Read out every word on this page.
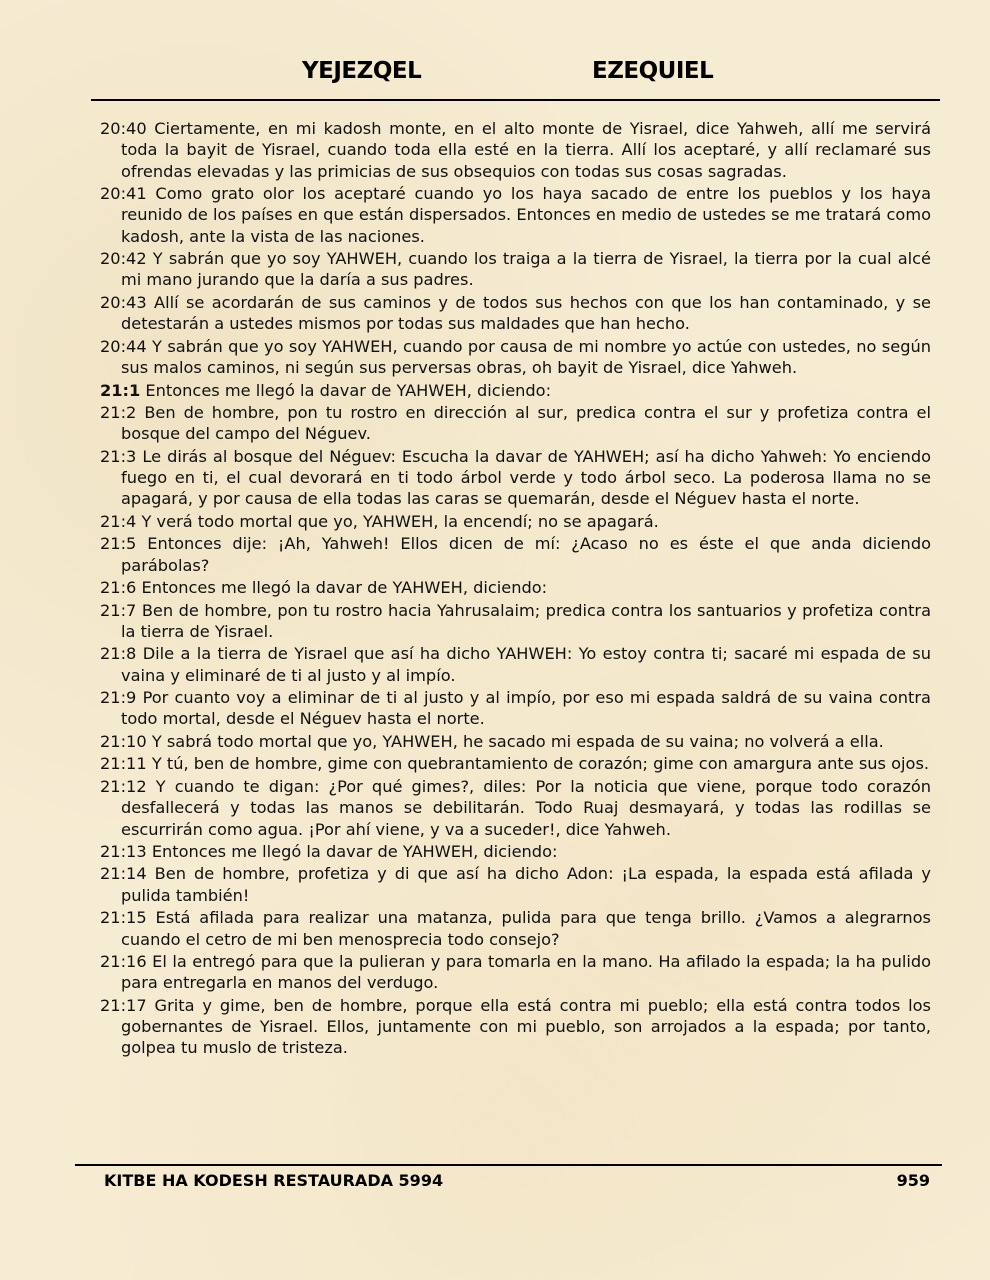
YEJEZQEL	EZEQUIEL

20:40 Ciertamente, en mi kadosh monte, en el alto monte de Yisrael, dice Yahweh, allí me servirá toda la bayit de Yisrael, cuando toda ella esté en la tierra. Allí los aceptaré, y allí reclamaré sus ofrendas elevadas y las primicias de sus obsequios con todas sus cosas sagradas.

20:41 Como grato olor los aceptaré cuando yo los haya sacado de entre los pueblos y los haya reunido de los países en que están dispersados. Entonces en medio de ustedes se me tratará como kadosh, ante la vista de las naciones.

20:42 Y sabrán que yo soy YAHWEH, cuando los traiga a la tierra de Yisrael, la tierra por la cual alcé mi mano jurando que la daría a sus padres.

20:43 Allí se acordarán de sus caminos y de todos sus hechos con que los han contaminado, y se detestarán a ustedes mismos por todas sus maldades que han hecho.

20:44 Y sabrán que yo soy YAHWEH, cuando por causa de mi nombre yo actúe con ustedes, no según sus malos caminos, ni según sus perversas obras, oh bayit de Yisrael, dice Yahweh.

21:1 Entonces me llegó la davar de YAHWEH, diciendo:

21:2 Ben de hombre, pon tu rostro en dirección al sur, predica contra el sur y profetiza contra el bosque del campo del Néguev.

21:3 Le dirás al bosque del Néguev: Escucha la davar de YAHWEH; así ha dicho Yahweh: Yo enciendo fuego en ti, el cual devorará en ti todo árbol verde y todo árbol seco. La poderosa llama no se apagará, y por causa de ella todas las caras se quemarán, desde el Néguev hasta el norte.

21:4 Y verá todo mortal que yo, YAHWEH, la encendí; no se apagará.

21:5 Entonces dije: ¡Ah, Yahweh! Ellos dicen de mí: ¿Acaso no es éste el que anda diciendo parábolas?

21:6 Entonces me llegó la davar de YAHWEH, diciendo:

21:7 Ben de hombre, pon tu rostro hacia Yahrusalaim; predica contra los santuarios y profetiza contra la tierra de Yisrael.

21:8 Dile a la tierra de Yisrael que así ha dicho YAHWEH: Yo estoy contra ti; sacaré mi espada de su vaina y eliminaré de ti al justo y al impío.

21:9 Por cuanto voy a eliminar de ti al justo y al impío, por eso mi espada saldrá de su vaina contra todo mortal, desde el Néguev hasta el norte.

21:10 Y sabrá todo mortal que yo, YAHWEH, he sacado mi espada de su vaina; no volverá a ella.

21:11 Y tú, ben de hombre, gime con quebrantamiento de corazón; gime con amargura ante sus ojos.

21:12 Y cuando te digan: ¿Por qué gimes?, diles: Por la noticia que viene, porque todo corazón desfallecerá y todas las manos se debilitarán. Todo Ruaj desmayará, y todas las rodillas se escurrirán como agua. ¡Por ahí viene, y va a suceder!, dice Yahweh.

21:13 Entonces me llegó la davar de YAHWEH, diciendo:

21:14 Ben de hombre, profetiza y di que así ha dicho Adon: ¡La espada, la espada está afilada y pulida también!

21:15 Está afilada para realizar una matanza, pulida para que tenga brillo. ¿Vamos a alegrarnos cuando el cetro de mi ben menosprecia todo consejo?

21:16 El la entregó para que la pulieran y para tomarla en la mano. Ha afilado la espada; la ha pulido para entregarla en manos del verdugo.

21:17 Grita y gime, ben de hombre, porque ella está contra mi pueblo; ella está contra todos los gobernantes de Yisrael. Ellos, juntamente con mi pueblo, son arrojados a la espada; por tanto, golpea tu muslo de tristeza.

KITBE HA KODESH RESTAURADA 5994	959
